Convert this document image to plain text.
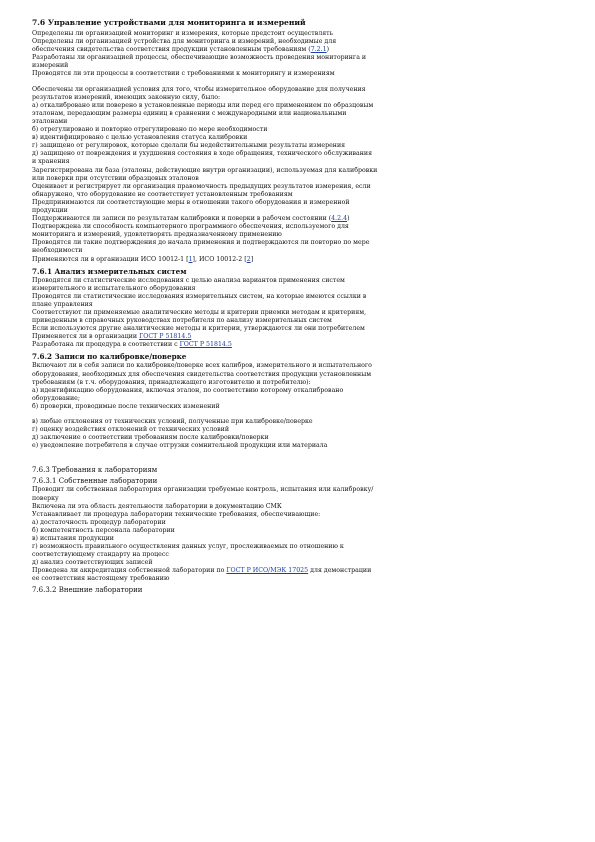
7.6 Управление устройствами для мониторинга и измерений

Определены ли организацией мониторинг и измерения, которые предстоит осуществлять

Определены ли организацией устройства для мониторинга и измерений, необходимые для обеспечения свидетельства соответствия продукции установленным требованиям (7.2.1)

Разработаны ли организацией процессы, обеспечивающие возможность проведения мониторинга и измерений

Проводятся ли эти процессы в соответствии с требованиями к мониторингу и измерениям

Обеспечены ли организацией условия для того, чтобы измерительное оборудование для получения результатов измерений, имеющих законную силу, было:

а) откалибровано или поверено в установленные периоды или перед его применением по образцовым эталонам, передающим размеры единиц в сравнении с международными или национальными эталонами

б) отрегулировано и повторно отрегулировано по мере необходимости

в) идентифицировано с целью установления статуса калибровки

г) защищено от регулировок, которые сделали бы недействительными результаты измерения

д) защищено от повреждения и ухудшения состояния в ходе обращения, технического обслуживания и хранения

Зарегистрирована ли база (эталоны, действующие внутри организации), используемая для калибровки или поверки при отсутствии образцовых эталонов

Оценивает и регистрирует ли организация правомочность предыдущих результатов измерения, если обнаружено, что оборудование не соответствует установленным требованиям

Предпринимаются ли соответствующие меры в отношении такого оборудования и измеренной продукции

Поддерживаются ли записи по результатам калибровки и поверки в рабочем состоянии (4.2.4)

Подтверждена ли способность компьютерного программного обеспечения, используемого для мониторинга и измерений, удовлетворять предназначенному применению

Проводятся ли такие подтверждения до начала применения и подтверждаются ли повторно по мере необходимости

Применяются ли в организации ИСО 10012-1 [1], ИСО 10012-2 [2]

7.6.1 Анализ измерительных систем

Проводятся ли статистические исследования с целью анализа вариантов применения систем измерительного и испытательного оборудования

Проводятся ли статистические исследования измерительных систем, на которые имеются ссылки в плане управления

Соответствуют ли применяемые аналитические методы и критерии приемки методам и критериям, приведенным в справочных руководствах потребителя по анализу измерительных систем

Если используются другие аналитические методы и критерии, утверждаются ли они потребителем

Применяется ли в организации ГОСТ Р 51814.5

Разработана ли процедура в соответствии с ГОСТ Р 51814.5

7.6.2 Записи по калибровке/поверке

Включают ли в себя записи по калибровке/поверке всех калибров, измерительного и испытательного оборудования, необходимых для обеспечения свидетельства соответствия продукции установленным требованиям (в т.ч. оборудования, принадлежащего изготовителю и потребителю):

а) идентификацию оборудования, включая эталон, по соответствию которому откалибровано оборудование;

б) проверки, проводимые после технических изменений

в) любые отклонения от технических условий, полученные при калибровке/поверке

г) оценку воздействия отклонений от технических условий

д) заключение о соответствии требованиям после калибровки/поверки

е) уведомление потребителя в случае отгрузки сомнительной продукции или материала

7.6.3 Требования к лабораториям
7.6.3.1 Собственные лаборатории

Проводит ли собственная лаборатория организации требуемые контроль, испытания или калибровку/поверку

Включена ли эта область деятельности лаборатории в документацию СМК

Устанавливает ли процедура лаборатории технические требования, обеспечивающие:

а) достаточность процедур лаборатории

б) компетентность персонала лаборатории

в) испытания продукции

г) возможность правильного осуществления данных услуг, прослеживаемых по отношению к соответствующему стандарту на процесс

д) анализ соответствующих записей

Проведена ли аккредитация собственной лаборатории по ГОСТ Р ИСО/МЭК 17025 для демонстрации ее соответствия настоящему требованию

7.6.3.2 Внешние лаборатории
